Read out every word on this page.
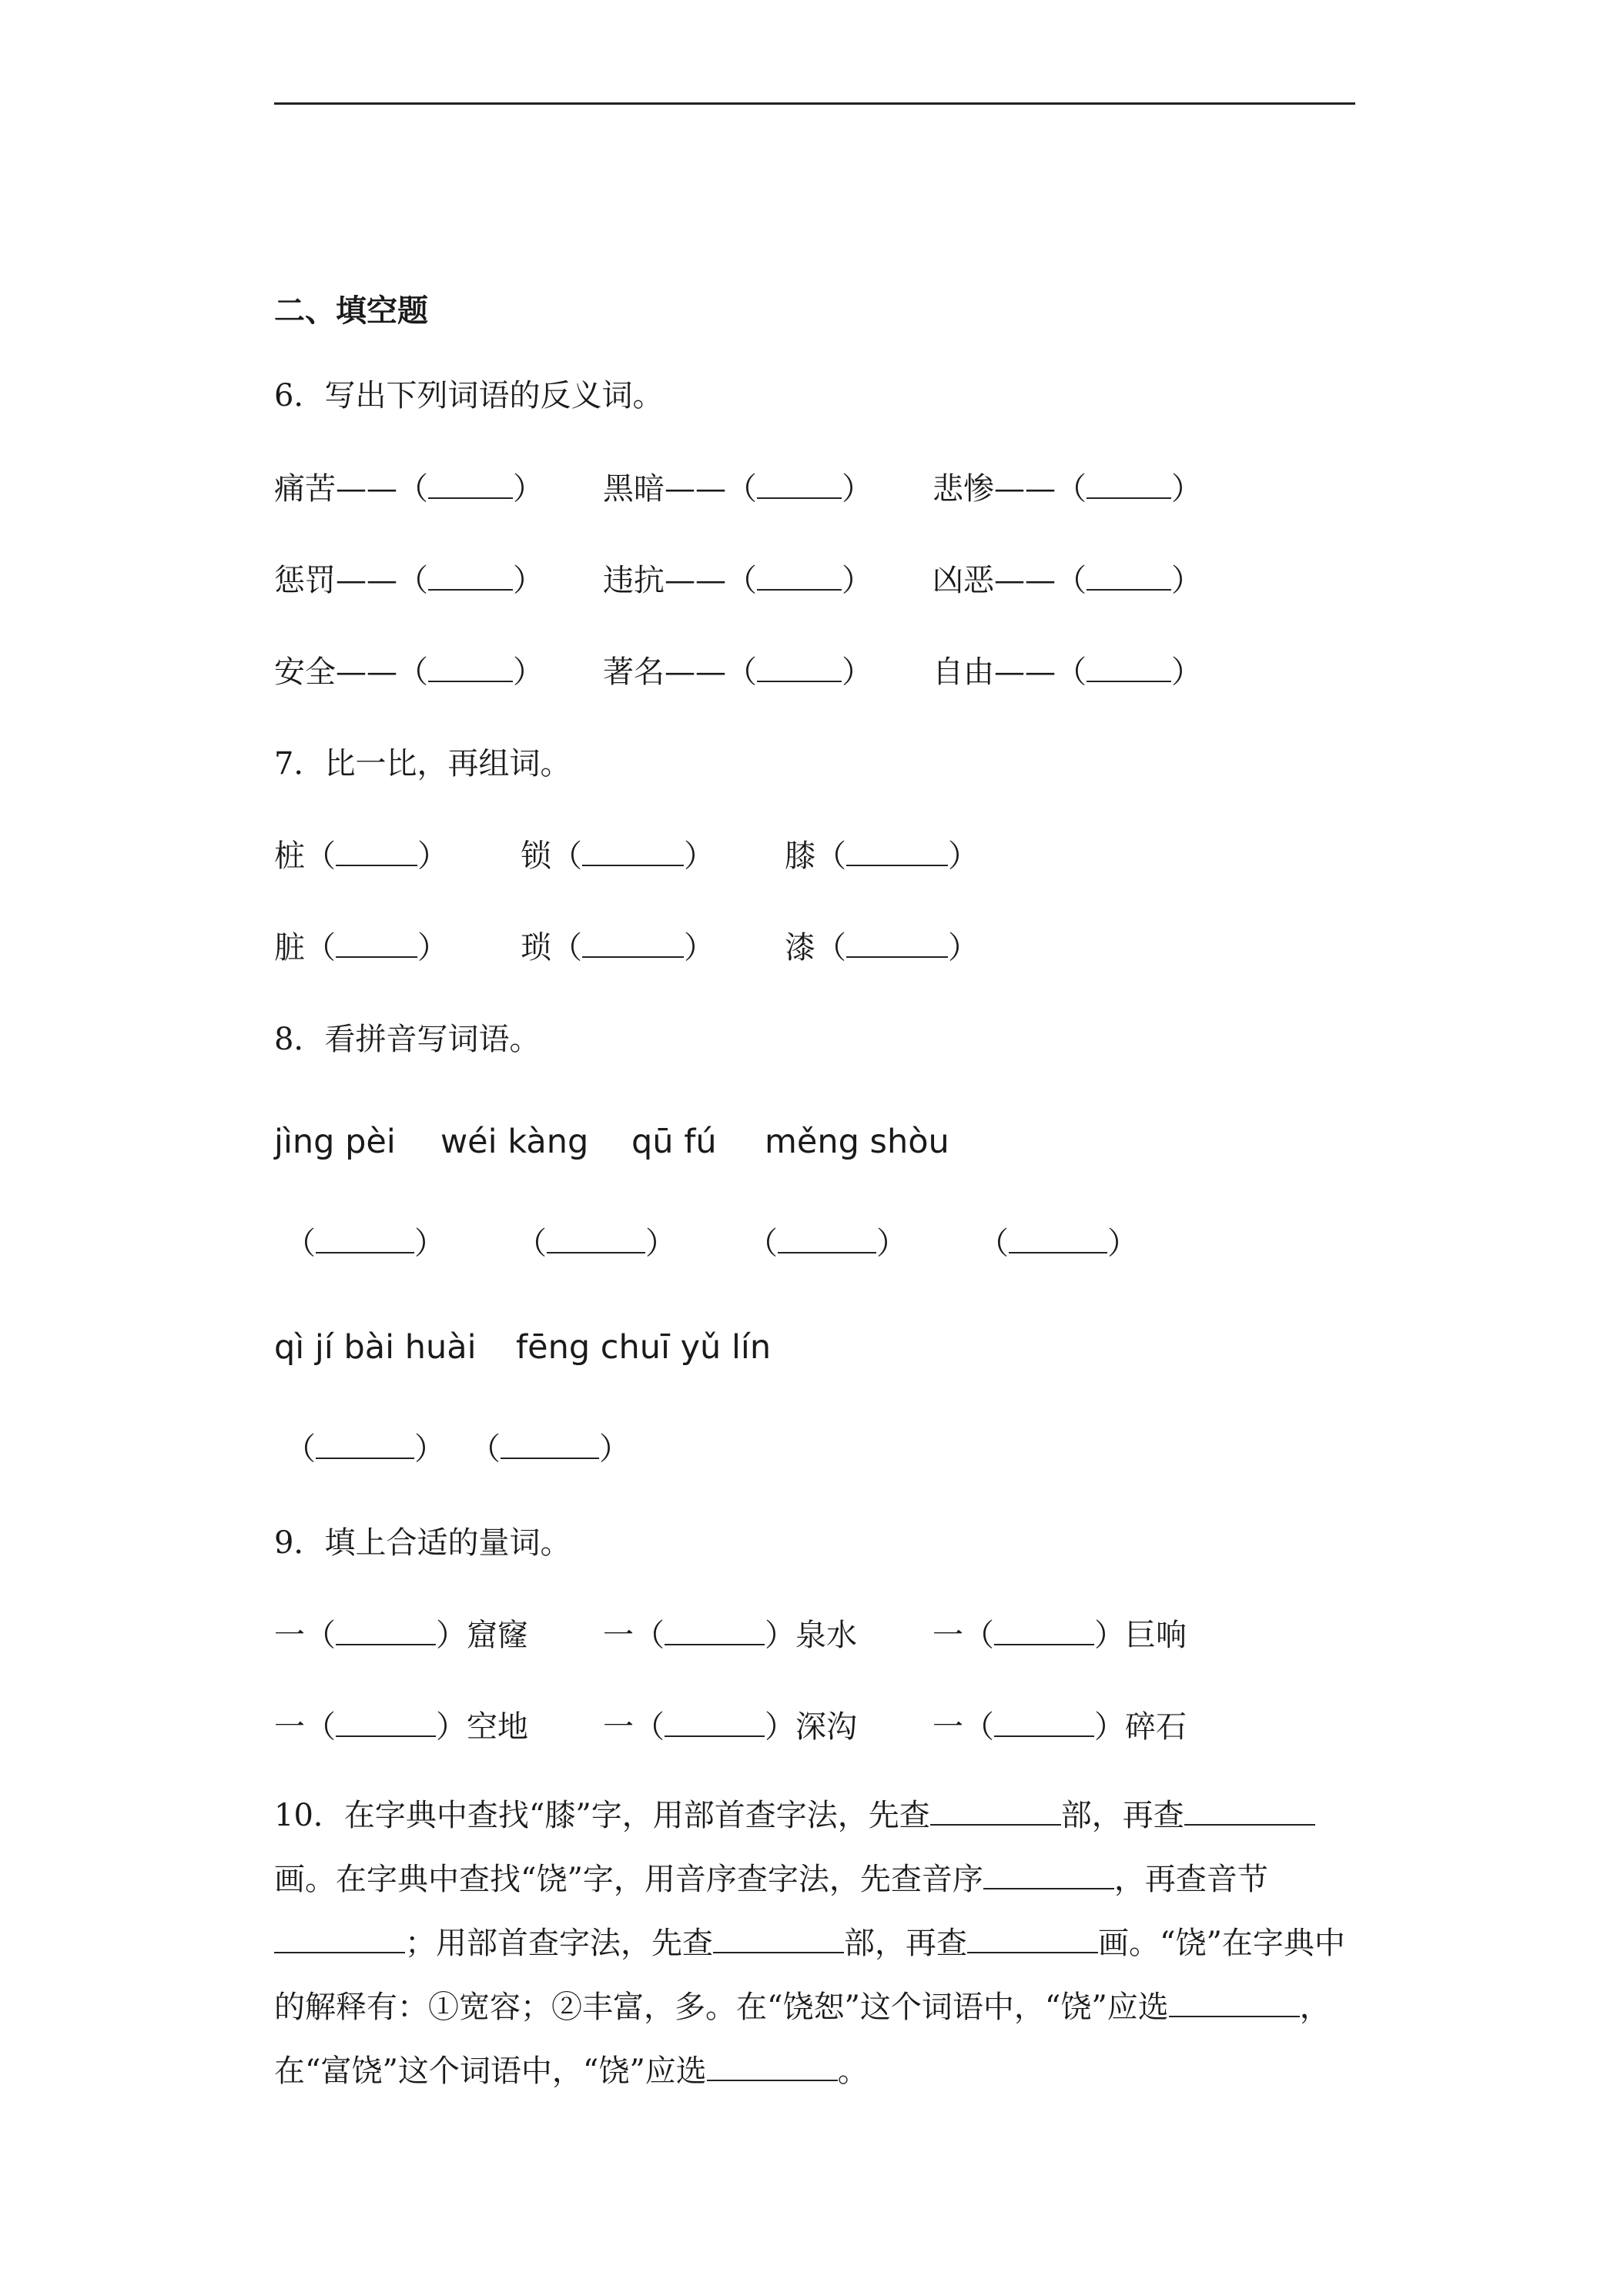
二、填空题
6．写出下列词语的反义词。
痛苦——（	） 黑暗——（	） 悲惨——（	）
惩罚——（	） 违抗——（	） 凶恶——（	）
安全——（	） 著名——（	） 自由——（	）
7．比一比，再组词。
桩（	） 锁（	） 膝（	）
脏（	） 琐（	） 漆（	）
8．看拼音写词语。
jìng pèi wéi kàng qū fú měng shòu
（	） （	） （	） （	）
qì jí bài huài fēng chuī yǔ lín
（	） （	）
9．填上合适的量词。
一（	）窟窿 一（	）泉水 一（	）巨响
一（	）空地 一（	）深沟 一（	）碎石
10．在字典中查找“膝”字，用部首查字法，先查	部，再查画。在字典中查找“饶”字，用音序查字法，先查音序	，再查音节；用部首查字法，先查	部，再查	画。“饶”在字典中的解释有：①宽容；②丰富，多。在“饶恕”这个词语中，“饶”应选	，在“富饶”这个词语中，“饶”应选	。
